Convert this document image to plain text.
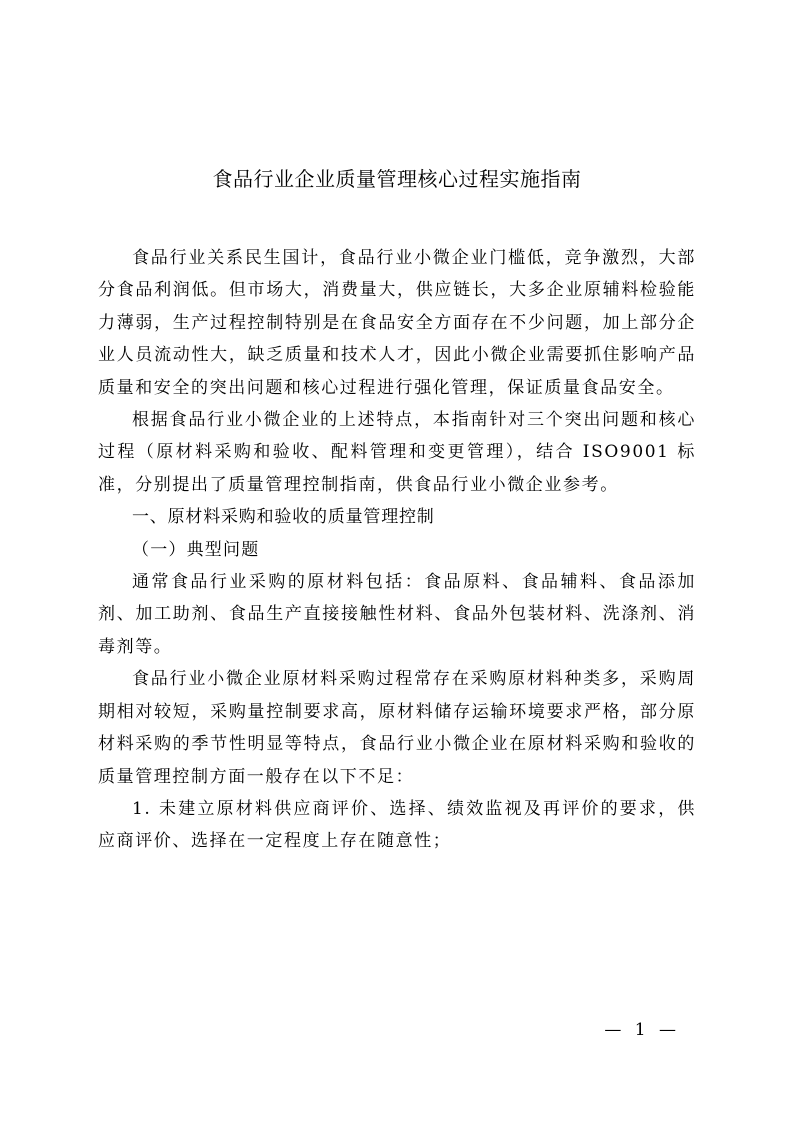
食品行业企业质量管理核心过程实施指南

食品行业关系民生国计，食品行业小微企业门槛低，竞争激烈，大部分食品利润低。但市场大，消费量大，供应链长，大多企业原辅料检验能力薄弱，生产过程控制特别是在食品安全方面存在不少问题，加上部分企业人员流动性大，缺乏质量和技术人才，因此小微企业需要抓住影响产品质量和安全的突出问题和核心过程进行强化管理，保证质量食品安全。

根据食品行业小微企业的上述特点，本指南针对三个突出问题和核心过程（原材料采购和验收、配料管理和变更管理），结合 ISO9001 标准，分别提出了质量管理控制指南，供食品行业小微企业参考。

一、原材料采购和验收的质量管理控制

（一）典型问题

通常食品行业采购的原材料包括：食品原料、食品辅料、食品添加剂、加工助剂、食品生产直接接触性材料、食品外包装材料、洗涤剂、消毒剂等。

食品行业小微企业原材料采购过程常存在采购原材料种类多，采购周期相对较短，采购量控制要求高，原材料储存运输环境要求严格，部分原材料采购的季节性明显等特点，食品行业小微企业在原材料采购和验收的质量管理控制方面一般存在以下不足：

1. 未建立原材料供应商评价、选择、绩效监视及再评价的要求，供应商评价、选择在一定程度上存在随意性；

— 1 —
